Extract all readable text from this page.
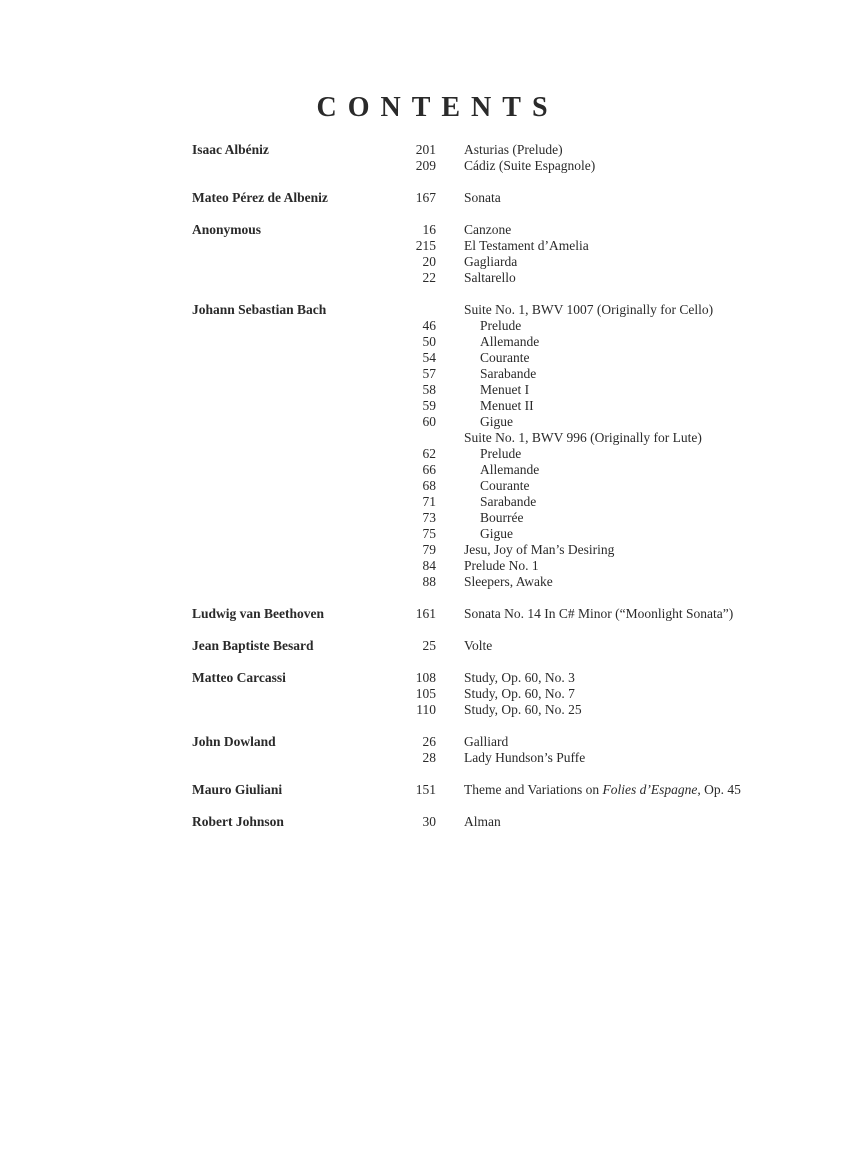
CONTENTS
Isaac Albéniz	201 Asturias (Prelude)
209 Cádiz (Suite Espagnole)
Mateo Pérez de Albeniz	167 Sonata
Anonymous	16 Canzone
215 El Testament d’Amelia
20 Gagliarda
22 Saltarello
Johann Sebastian Bach	Suite No. 1, BWV 1007 (Originally for Cello)
46	Prelude
50	Allemande
54	Courante
57	Sarabande
58	Menuet I
59	Menuet II
60	Gigue
Suite No. 1, BWV 996 (Originally for Lute)
62	Prelude
66	Allemande
68	Courante
71	Sarabande
73	Bourrée
75	Gigue
79 Jesu, Joy of Man’s Desiring
84 Prelude No. 1
88 Sleepers, Awake
Ludwig van Beethoven	161 Sonata No. 14 In C# Minor (“Moonlight Sonata”)
Jean Baptiste Besard	25 Volte
Matteo Carcassi	108 Study, Op. 60, No. 3
105 Study, Op. 60, No. 7
110 Study, Op. 60, No. 25
John Dowland	26 Galliard
28 Lady Hundson’s Puffe
Mauro Giuliani	151 Theme and Variations on Folies d’Espagne, Op. 45
Robert Johnson	30 Alman
